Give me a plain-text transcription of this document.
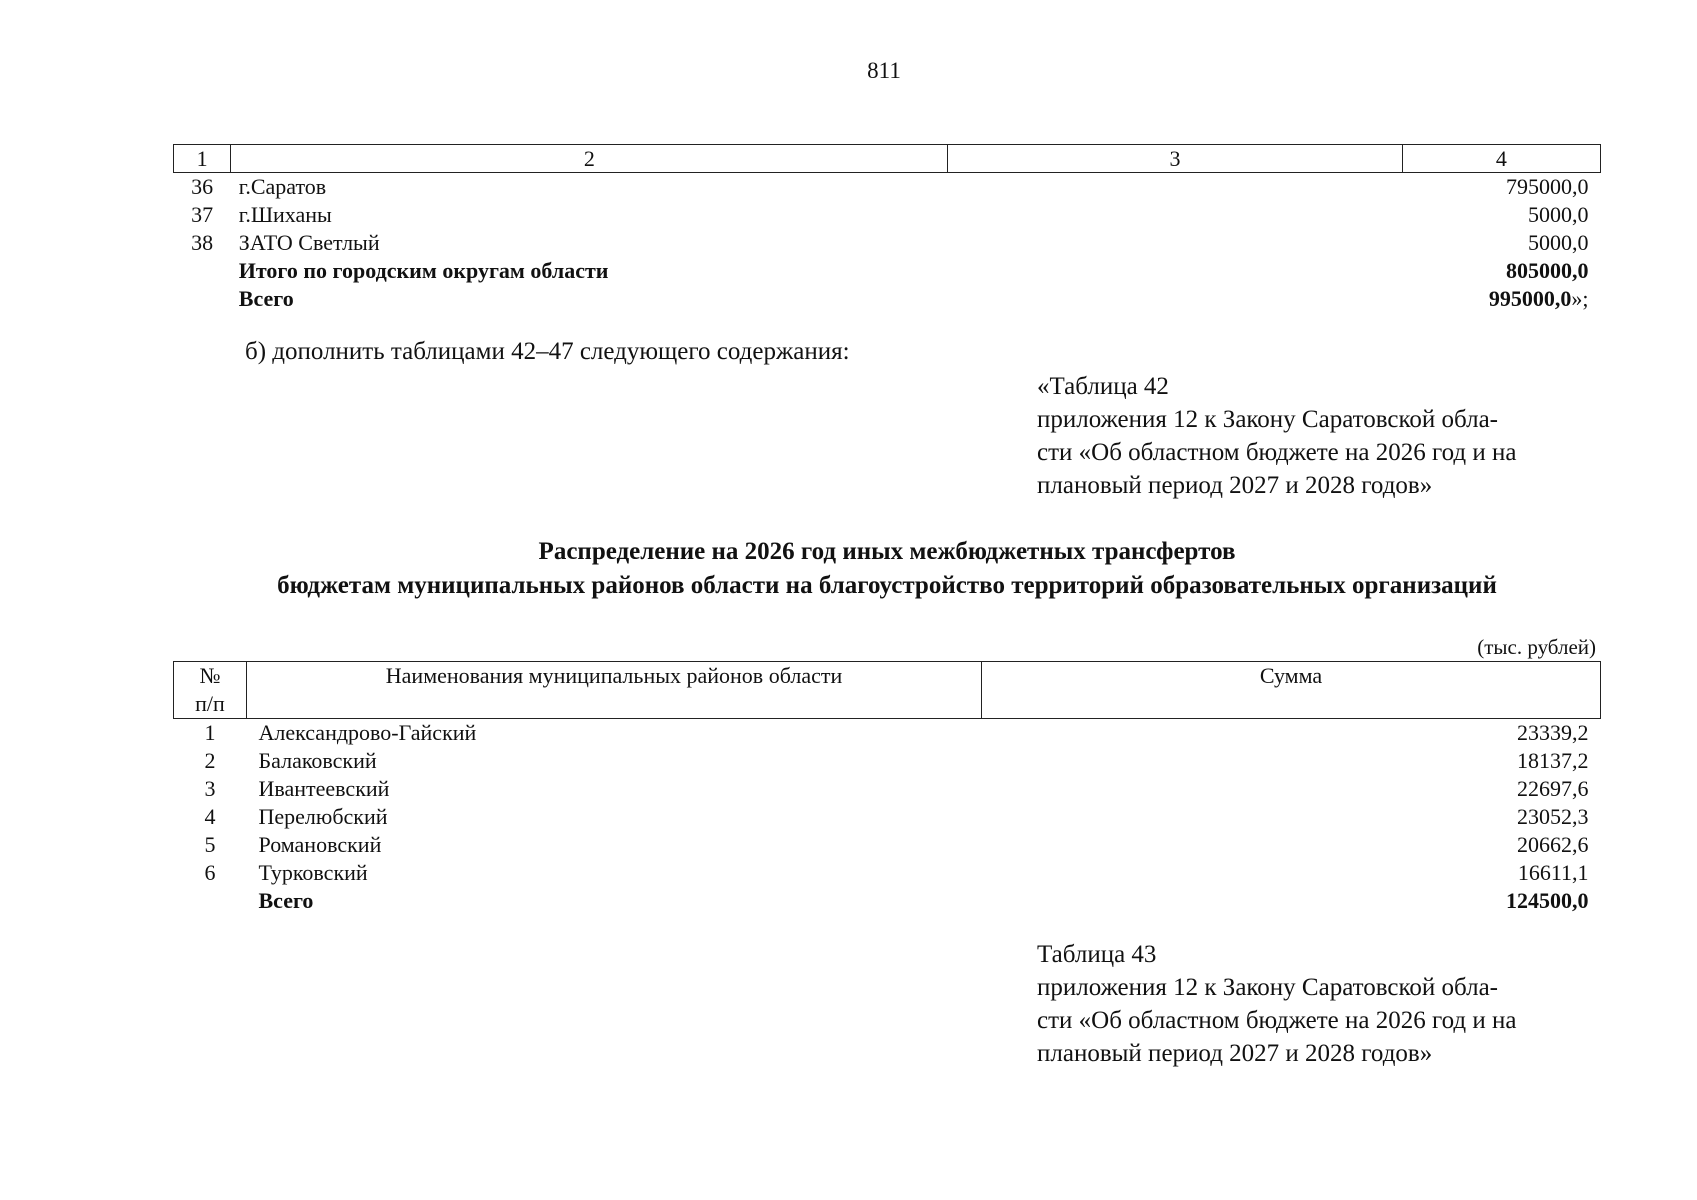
811
1	2	3	4
36	г.Саратов		795000,0
37	г.Шиханы		5000,0
38	ЗАТО Светлый		5000,0
	Итого по городским округам области		805000,0
	Всего		995000,0»;
б) дополнить таблицами 42–47 следующего содержания:
«Таблица 42
приложения 12 к Закону Саратовской обла-
сти «Об областном бюджете на 2026 год и на
плановый период 2027 и 2028 годов»
Распределение на 2026 год иных межбюджетных трансфертов
бюджетам муниципальных районов области на благоустройство территорий образовательных организаций
(тыс. рублей)
№
п/п	Наименования муниципальных районов области	Сумма
1	Александрово-Гайский	23339,2
2	Балаковский	18137,2
3	Ивантеевский	22697,6
4	Перелюбский	23052,3
5	Романовский	20662,6
6	Турковский	16611,1
	Всего	124500,0
Таблица 43
приложения 12 к Закону Саратовской обла-
сти «Об областном бюджете на 2026 год и на
плановый период 2027 и 2028 годов»
